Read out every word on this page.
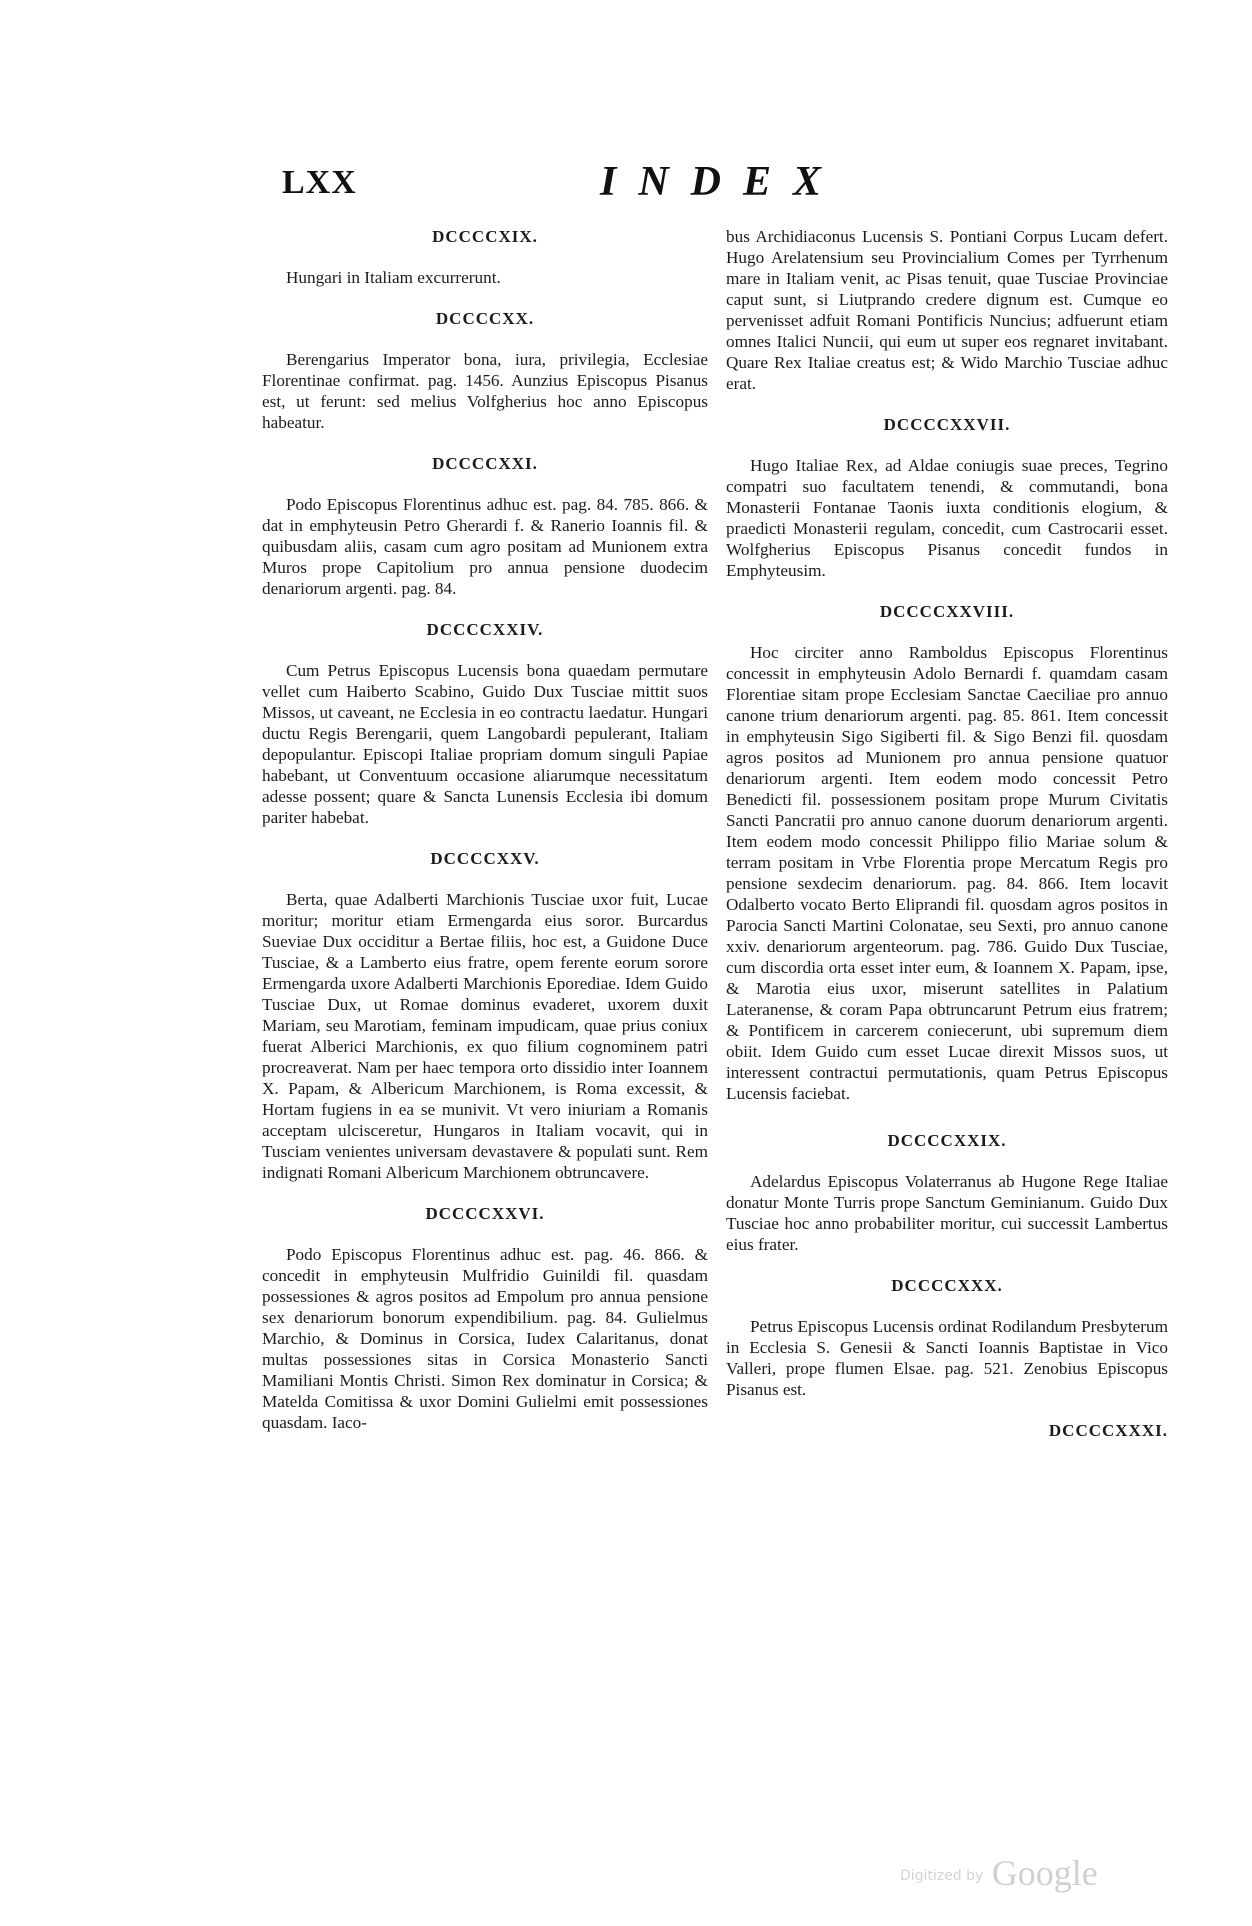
LXX	INDEX
DCCCCXIX.

Hungari in Italiam excurrerunt.

DCCCCXX.

Berengarius Imperator bona, iura, privilegia, Ecclesiae Florentinae confirmat. pag. 1456. Aunzius Episcopus Pisanus est, ut ferunt: sed melius Volfgherius hoc anno Episcopus habeatur.

DCCCCXXI.

Podo Episcopus Florentinus adhuc est. pag. 84. 785. 866. & dat in emphyteusin Petro Gherardi f. & Ranerio Ioannis fil. & quibusdam aliis, casam cum agro positam ad Munionem extra Muros prope Capitolium pro annua pensione duodecim denariorum argenti. pag. 84.

DCCCCXXIV.

Cum Petrus Episcopus Lucensis bona quaedam permutare vellet cum Haiberto Scabino, Guido Dux Tusciae mittit suos Missos, ut caveant, ne Ecclesia in eo contractu laedatur. Hungari ductu Regis Berengarii, quem Langobardi pepulerant, Italiam depopulantur. Episcopi Italiae propriam domum singuli Papiae habebant, ut Conventuum occasione aliarumque necessitatum adesse possent; quare & Sancta Lunensis Ecclesia ibi domum pariter habebat.

DCCCCXXV.

Berta, quae Adalberti Marchionis Tusciae uxor fuit, Lucae moritur; moritur etiam Ermengarda eius soror. Burcardus Sueviae Dux occiditur a Bertae filiis, hoc est, a Guidone Duce Tusciae, & a Lamberto eius fratre, opem ferente eorum sorore Ermengarda uxore Adalberti Marchionis Eporediae. Idem Guido Tusciae Dux, ut Romae dominus evaderet, uxorem duxit Mariam, seu Marotiam, feminam impudicam, quae prius coniux fuerat Alberici Marchionis, ex quo filium cognominem patri procreaverat. Nam per haec tempora orto dissidio inter Ioannem X. Papam, & Albericum Marchionem, is Roma excessit, & Hortam fugiens in ea se munivit. Vt vero iniuriam a Romanis acceptam ulcisceretur, Hungaros in Italiam vocavit, qui in Tusciam venientes universam devastavere & populati sunt. Rem indignati Romani Albericum Marchionem obtruncavere.

DCCCCXXVI.

Podo Episcopus Florentinus adhuc est. pag. 46. 866. & concedit in emphyteusin Mulfridio Guinildi fil. quasdam possessiones & agros positos ad Empolum pro annua pensione sex denariorum bonorum expendibilium. pag. 84. Gulielmus Marchio, & Dominus in Corsica, Iudex Calaritanus, donat multas possessiones sitas in Corsica Monasterio Sancti Mamiliani Montis Christi. Simon Rex dominatur in Corsica; & Matelda Comitissa & uxor Domini Gulielmi emit possessiones quasdam. Iaco-

bus Archidiaconus Lucensis S. Pontiani Corpus Lucam defert. Hugo Arelatensium seu Provincialium Comes per Tyrrhenum mare in Italiam venit, ac Pisas tenuit, quae Tusciae Provinciae caput sunt, si Liutprando credere dignum est. Cumque eo pervenisset adfuit Romani Pontificis Nuncius; adfuerunt etiam omnes Italici Nuncii, qui eum ut super eos regnaret invitabant. Quare Rex Italiae creatus est; & Wido Marchio Tusciae adhuc erat.

DCCCCXXVII.

Hugo Italiae Rex, ad Aldae coniugis suae preces, Tegrino compatri suo facultatem tenendi, & commutandi, bona Monasterii Fontanae Taonis iuxta conditionis elogium, & praedicti Monasterii regulam, concedit, cum Castrocarii esset. Wolfgherius Episcopus Pisanus concedit fundos in Emphyteusim.

DCCCCXXVIII.

Hoc circiter anno Ramboldus Episcopus Florentinus concessit in emphyteusin Adolo Bernardi f. quamdam casam Florentiae sitam prope Ecclesiam Sanctae Caeciliae pro annuo canone trium denariorum argenti. pag. 85. 861. Item concessit in emphyteusin Sigo Sigiberti fil. & Sigo Benzi fil. quosdam agros positos ad Munionem pro annua pensione quatuor denariorum argenti. Item eodem modo concessit Petro Benedicti fil. possessionem positam prope Murum Civitatis Sancti Pancratii pro annuo canone duorum denariorum argenti. Item eodem modo concessit Philippo filio Mariae solum & terram positam in Vrbe Florentia prope Mercatum Regis pro pensione sexdecim denariorum. pag. 84. 866. Item locavit Odalberto vocato Berto Eliprandi fil. quosdam agros positos in Parocia Sancti Martini Colonatae, seu Sexti, pro annuo canone xxiv. denariorum argenteorum. pag. 786. Guido Dux Tusciae, cum discordia orta esset inter eum, & Ioannem X. Papam, ipse, & Marotia eius uxor, miserunt satellites in Palatium Lateranense, & coram Papa obtruncarunt Petrum eius fratrem; & Pontificem in carcerem coniecerunt, ubi supremum diem obiit. Idem Guido cum esset Lucae direxit Missos suos, ut interessent contractui permutationis, quam Petrus Episcopus Lucensis faciebat.

DCCCCXXIX.

Adelardus Episcopus Volaterranus ab Hugone Rege Italiae donatur Monte Turris prope Sanctum Geminianum. Guido Dux Tusciae hoc anno probabiliter moritur, cui successit Lambertus eius frater.

DCCCCXXX.

Petrus Episcopus Lucensis ordinat Rodilandum Presbyterum in Ecclesia S. Genesii & Sancti Ioannis Baptistae in Vico Valleri, prope flumen Elsae. pag. 521. Zenobius Episcopus Pisanus est.

DCCCCXXXI.
Digitized by Google
